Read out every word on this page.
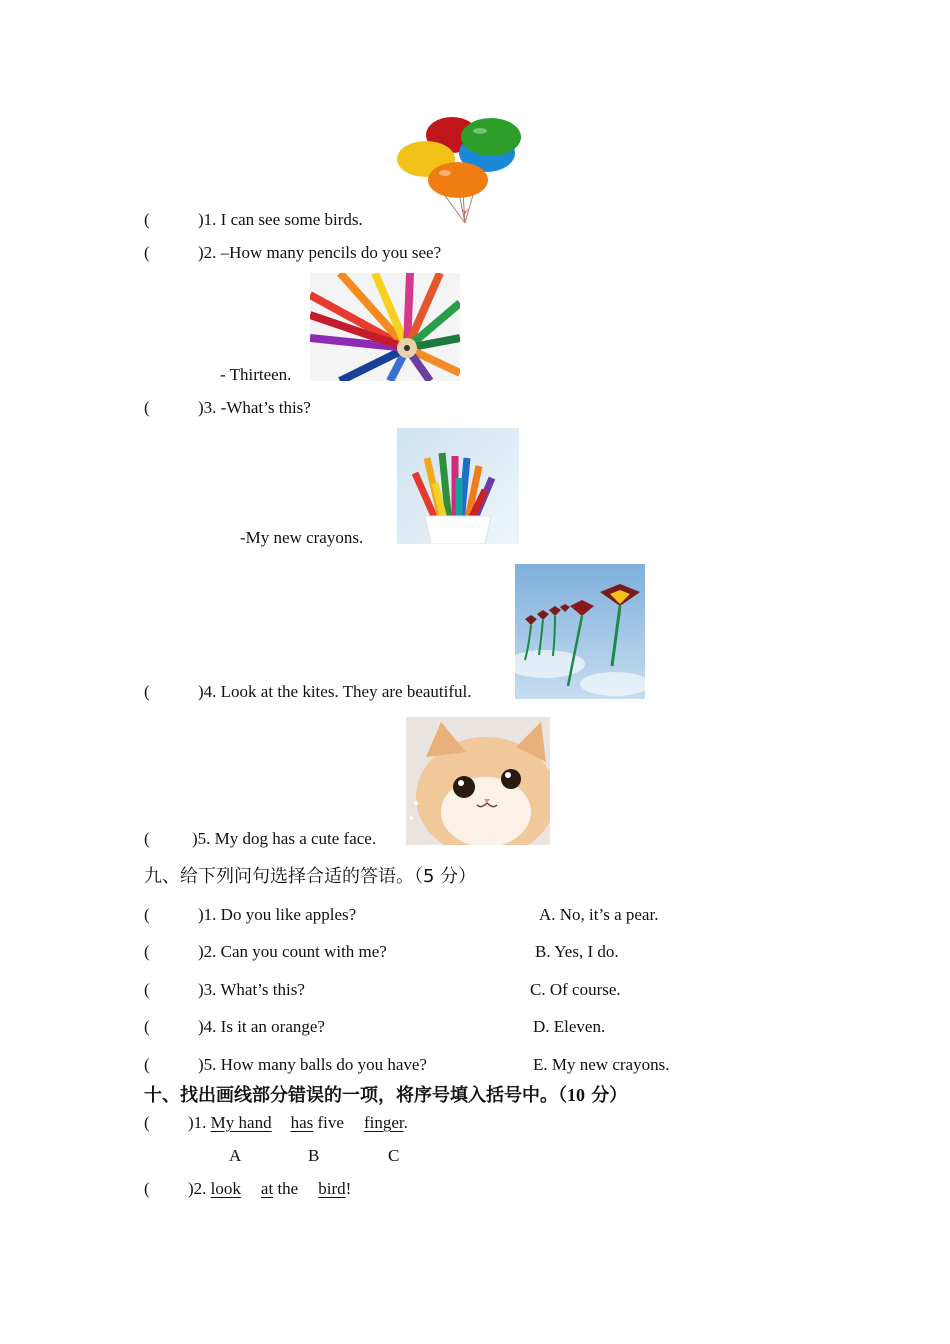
(	)1. I can see some birds.
(	)2. –How many pencils do you see?
- Thirteen.
(	)3. -What’s this?
-My new crayons.
(	)4. Look at the kites. They are beautiful.
✦
✦
( )5. My dog has a cute face.
九、给下列问句选择合适的答语。（5 分）
(	)1. Do you like apples?	A. No, it’s a pear.
(	)2. Can you count with me?	B. Yes, I do.
(	)3. What’s this?	C. Of course.
(	)4. Is it an orange?	D. Eleven.
(	)5. How many balls do you have?	E. My new crayons.
十、找出画线部分错误的一项，将序号填入括号中。（10 分）
( )1. My hand has five finger.
A	B	C
( )2. look at the bird!
